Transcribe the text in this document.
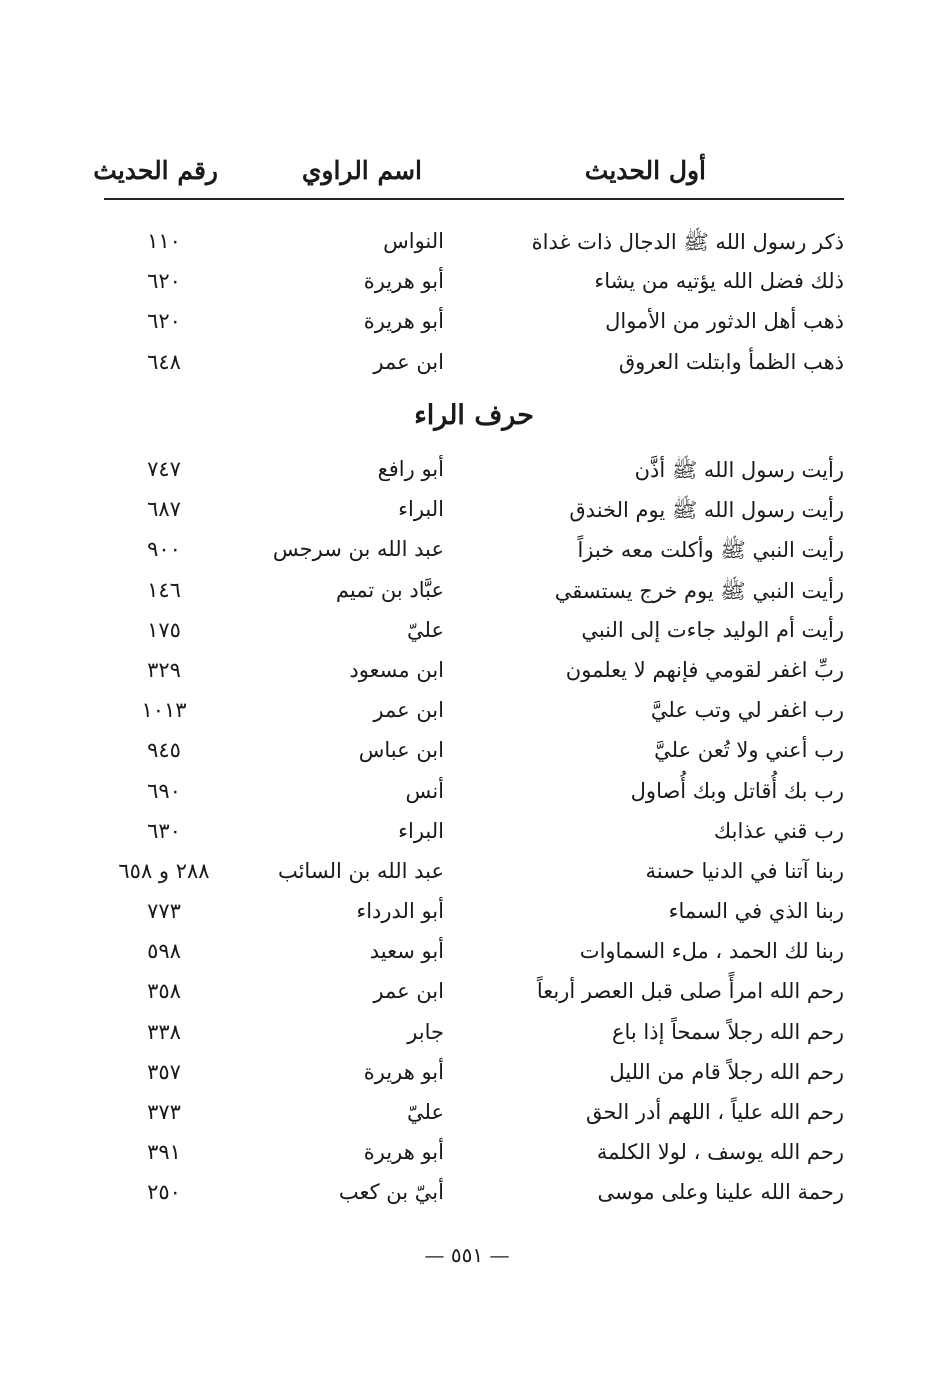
أول الحديث
اسم الراوي
رقم الحديث
ذكر رسول الله ﷺ الدجال ذات غداة
النواس
١١٠
ذلك فضل الله يؤتيه من يشاء
أبو هريرة
٦٢٠
ذهب أهل الدثور من الأموال
أبو هريرة
٦٢٠
ذهب الظمأ وابتلت العروق
ابن عمر
٦٤٨
حرف الراء
رأيت رسول الله ﷺ أذَّن
أبو رافع
٧٤٧
رأيت رسول الله ﷺ يوم الخندق
البراء
٦٨٧
رأيت النبي ﷺ وأكلت معه خبزاً
عبد الله بن سرجس
٩٠٠
رأيت النبي ﷺ يوم خرج يستسقي
عبَّاد بن تميم
١٤٦
رأيت أم الوليد جاءت إلى النبي
عليّ
١٧٥
ربِّ اغفر لقومي فإنهم لا يعلمون
ابن مسعود
٣٢٩
رب اغفر لي وتب عليَّ
ابن عمر
١٠١٣
رب أعني ولا تُعن عليَّ
ابن عباس
٩٤٥
رب بك أُقاتل وبك أُصاول
أنس
٦٩٠
رب قني عذابك
البراء
٦٣٠
ربنا آتنا في الدنيا حسنة
عبد الله بن السائب
٢٨٨ و ٦٥٨
ربنا الذي في السماء
أبو الدرداء
٧٧٣
ربنا لك الحمد ، ملء السماوات
أبو سعيد
٥٩٨
رحم الله امرأً صلى قبل العصر أربعاً
ابن عمر
٣٥٨
رحم الله رجلاً سمحاً إذا باع
جابر
٣٣٨
رحم الله رجلاً قام من الليل
أبو هريرة
٣٥٧
رحم الله علياً ، اللهم أدر الحق
عليّ
٣٧٣
رحم الله يوسف ، لولا الكلمة
أبو هريرة
٣٩١
رحمة الله علينا وعلى موسى
أبيّ بن كعب
٢٥٠
— ٥٥١ —
